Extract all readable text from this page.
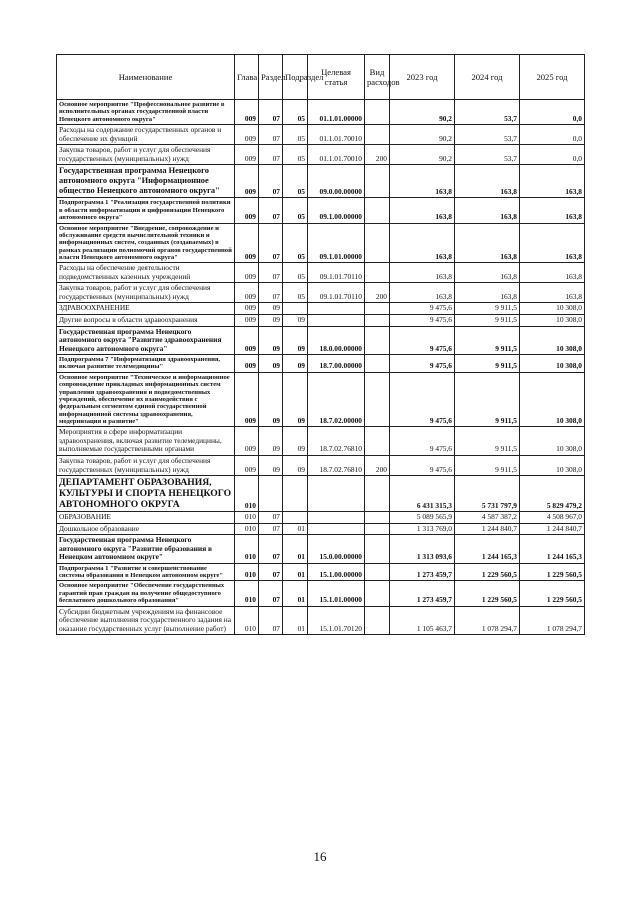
Наименование	Глава	Раздел	Подраздел	Целевая статья	Вид расходов	2023 год	2024 год	2025 год
Основное мероприятие "Профессиональное развитие в исполнительных органах государственной власти Ненецкого автономного округа"	009	07	05	01.1.01.00000		90,2	53,7	0,0
Расходы на содержание государственных органов и обеспечение их функций	009	07	05	01.1.01.70010		90,2	53,7	0,0
Закупка товаров, работ и услуг для обеспечения государственных (муниципальных) нужд	009	07	05	01.1.01.70010	200	90,2	53,7	0,0
Государственная программа Ненецкого автономного округа "Информационное общество Ненецкого автономного округа"	009	07	05	09.0.00.00000		163,8	163,8	163,8
Подпрограмма 1 "Реализация государственной политики в области информатизации и цифровизации Ненецкого автономного округа"	009	07	05	09.1.00.00000		163,8	163,8	163,8
Основное мероприятие "Внедрение, сопровождение и обслуживание средств вычислительной техники и информационных систем, созданных (создаваемых) в рамках реализации полномочий органов государственной власти Ненецкого автономного округа"	009	07	05	09.1.01.00000		163,8	163,8	163,8
Расходы на обеспечение деятельности подведомственных казенных учреждений	009	07	05	09.1.01.70110		163,8	163,8	163,8
Закупка товаров, работ и услуг для обеспечения государственных (муниципальных) нужд	009	07	05	09.1.01.70110	200	163,8	163,8	163,8
ЗДРАВООХРАНЕНИЕ	009	09				9 475,6	9 911,5	10 308,0
Другие вопросы в области здравоохранения	009	09	09			9 475,6	9 911,5	10 308,0
Государственная программа Ненецкого автономного округа "Развитие здравоохранения Ненецкого автономного округа"	009	09	09	18.0.00.00000		9 475,6	9 911,5	10 308,0
Подпрограмма 7 "Информатизация здравоохранения, включая развитие телемедицины"	009	09	09	18.7.00.00000		9 475,6	9 911,5	10 308,0
Основное мероприятие "Техническое и информационное сопровождение прикладных информационных систем управления здравоохранения и подведомственных учреждений, обеспечение их взаимодействия с федеральным сегментом единой государственной информационной системы здравоохранения, модернизация и развитие"	009	09	09	18.7.02.00000		9 475,6	9 911,5	10 308,0
Мероприятия в сфере информатизации здравоохранения, включая развитие телемедицины, выполняемые государственными органами	009	09	09	18.7.02.76810		9 475,6	9 911,5	10 308,0
Закупка товаров, работ и услуг для обеспечения государственных (муниципальных) нужд	009	09	09	18.7.02.76810	200	9 475,6	9 911,5	10 308,0
ДЕПАРТАМЕНТ ОБРАЗОВАНИЯ, КУЛЬТУРЫ И СПОРТА НЕНЕЦКОГО АВТОНОМНОГО ОКРУГА	010					6 431 315,3	5 731 797,9	5 829 479,2
ОБРАЗОВАНИЕ	010	07				5 089 565,9	4 587 387,2	4 508 967,0
Дошкольное образование	010	07	01			1 313 769,0	1 244 840,7	1 244 840,7
Государственная программа Ненецкого автономного округа "Развитие образования в Ненецком автономном округе"	010	07	01	15.0.00.00000		1 313 093,6	1 244 165,3	1 244 165,3
Подпрограмма 1 "Развитие и совершенствование системы образования в Ненецком автономном округе"	010	07	01	15.1.00.00000		1 273 459,7	1 229 560,5	1 229 560,5
Основное мероприятие "Обеспечение государственных гарантий прав граждан на получение общедоступного бесплатного дошкольного образования"	010	07	01	15.1.01.00000		1 273 459,7	1 229 560,5	1 229 560,5
Субсидии бюджетным учреждениям на финансовое обеспечение выполнения государственного задания на оказание государственных услуг (выполнение работ)	010	07	01	15.1.01.70120		1 105 463,7	1 078 294,7	1 078 294,7
16
